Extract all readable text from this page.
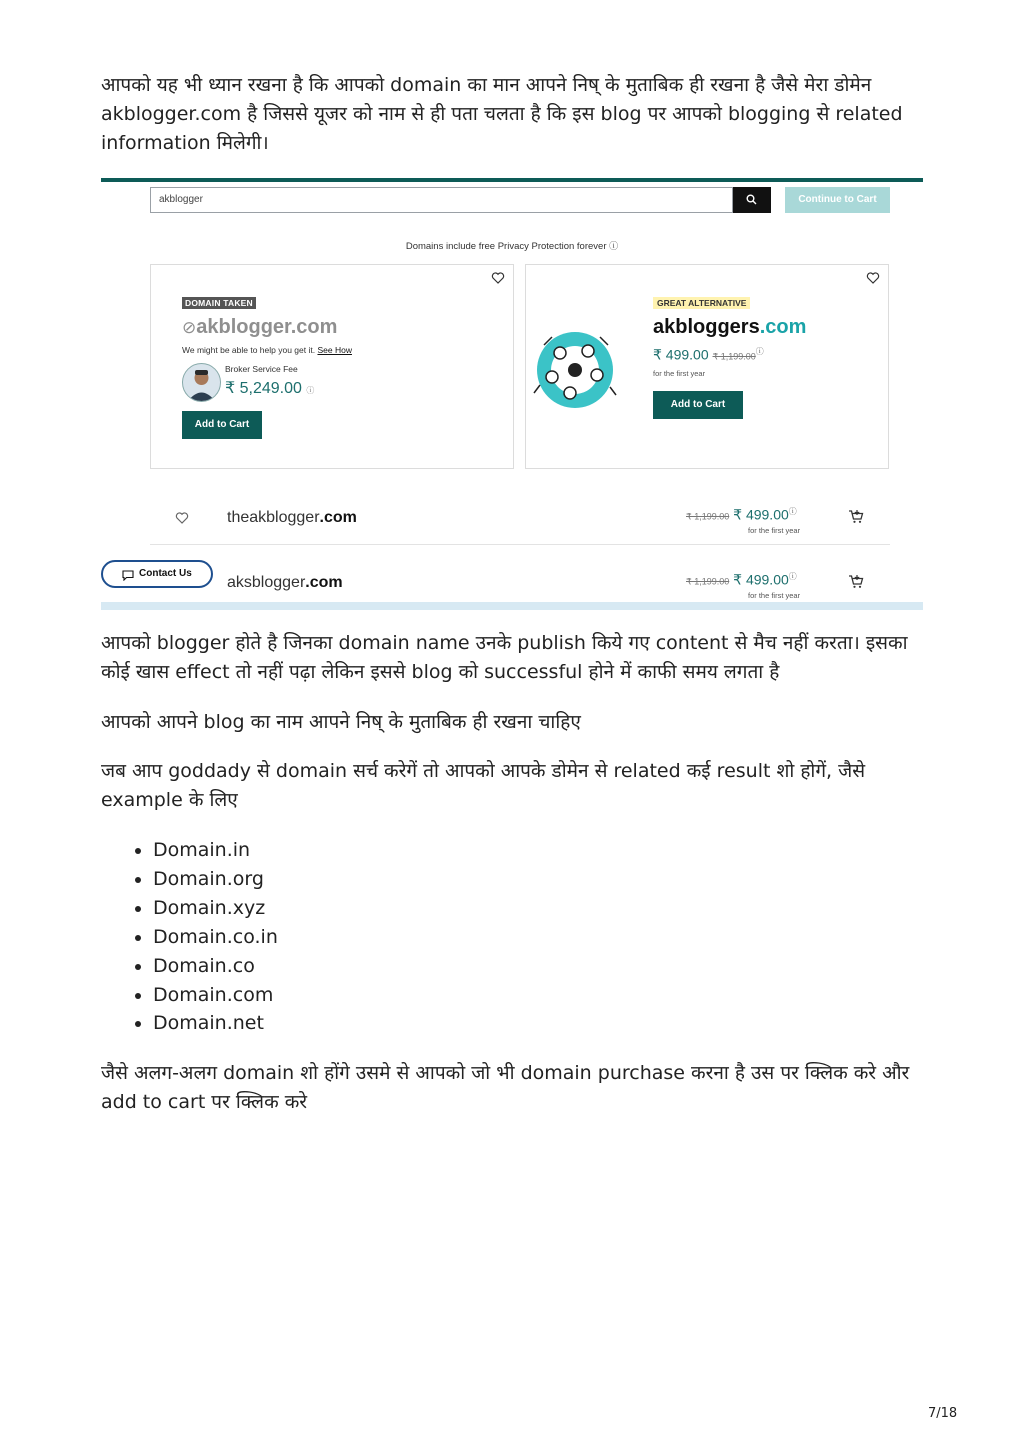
आपको यह भी ध्यान रखना है कि आपको domain का मान आपने निष् के मुताबिक ही रखना है जैसे मेरा डोमेन akblogger.com है जिससे यूजर को नाम से ही पता चलता है कि इस blog पर आपको blogging से related information मिलेगी।

akblogger	Continue to Cart
Domains include free Privacy Protection forever ⓘ
DOMAIN TAKEN
⊘akblogger.com
We might be able to help you get it. See How
Broker Service Fee
₹ 5,249.00 ⓘ
Add to Cart
GREAT ALTERNATIVE
akbloggers.com
₹ 499.00 ₹ 1,199.00ⓘ
for the first year
Add to Cart
theakblogger.com	₹ 1,199.00 ₹ 499.00ⓘ
for the first year
aksblogger.com	₹ 1,199.00 ₹ 499.00ⓘ
for the first year
Contact Us

आपको blogger होते है जिनका domain name उनके publish किये गए content से मैच नहीं करता। इसका कोई खास effect तो नहीं पढ़ा लेकिन इससे blog को successful होने में काफी समय लगता है

आपको आपने blog का नाम आपने निष् के मुताबिक ही रखना चाहिए

जब आप goddady से domain सर्च करेगें तो आपको आपके डोमेन से related कई result शो होगें, जैसे example के लिए

• Domain.in
• Domain.org
• Domain.xyz
• Domain.co.in
• Domain.co
• Domain.com
• Domain.net

जैसे अलग-अलग domain शो होंगे उसमे से आपको जो भी domain purchase करना है उस पर क्लिक करे और add to cart पर क्लिक करे

7/18
